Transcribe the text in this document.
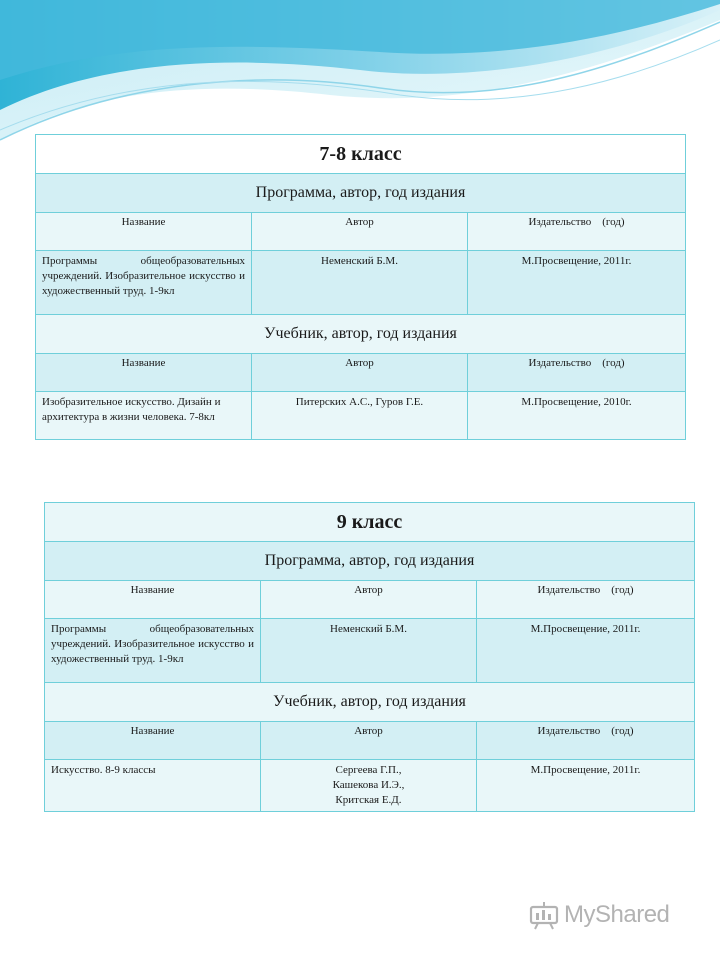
7-8 класс		
Программа, автор, год издания		
Название	Автор	Издательство    (год)
Программы общеобразовательных учреждений. Изобразительное искусство и художественный труд. 1-9кл	Неменский Б.М.	М.Просвещение, 2011г.
Учебник, автор, год издания		
Название	Автор	Издательство    (год)
Изобразительное искусство. Дизайн и архитектура в жизни человека. 7-8кл	Питерских А.С., Гуров Г.Е.	М.Просвещение, 2010г.
9 класс		
Программа, автор, год издания		
Название	Автор	Издательство    (год)
Программы общеобразовательных учреждений. Изобразительное искусство и художественный труд. 1-9кл	Неменский Б.М.	М.Просвещение, 2011г.
Учебник, автор, год издания		
Название	Автор	Издательство    (год)
Искусство. 8-9 классы	Сергеева Г.П.,
Кашекова И.Э.,
Критская Е.Д.	М.Просвещение, 2011г.
MyShared
